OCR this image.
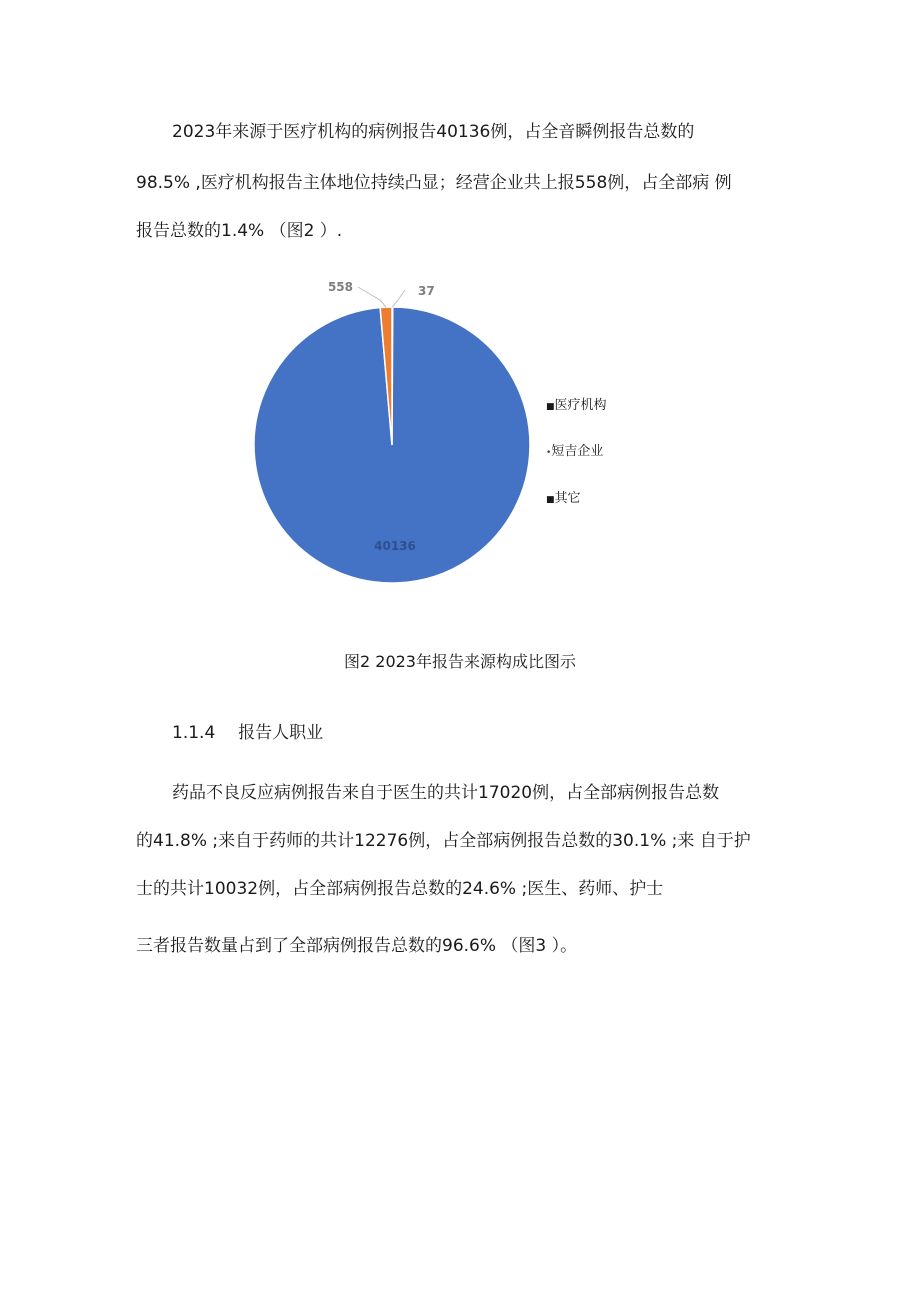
2023年来源于医疗机构的病例报告40136例，占全音瞬例报告总数的
98.5% ,医疗机构报告主体地位持续凸显；经营企业共上报558例，占全部病 例
报告总数的1.4% （图2 ）.
558	37
40136
■医疗机构
•短吉企业
■其它
图2 2023年报告来源构成比图示
1.1.4 报告人职业
药品不良反应病例报告来自于医生的共计17020例，占全部病例报告总数
的41.8% ;来自于药师的共计12276例，占全部病例报告总数的30.1% ;来 自于护
士的共计10032例，占全部病例报告总数的24.6% ;医生、药师、护士
三者报告数量占到了全部病例报告总数的96.6% （图3 ）。
